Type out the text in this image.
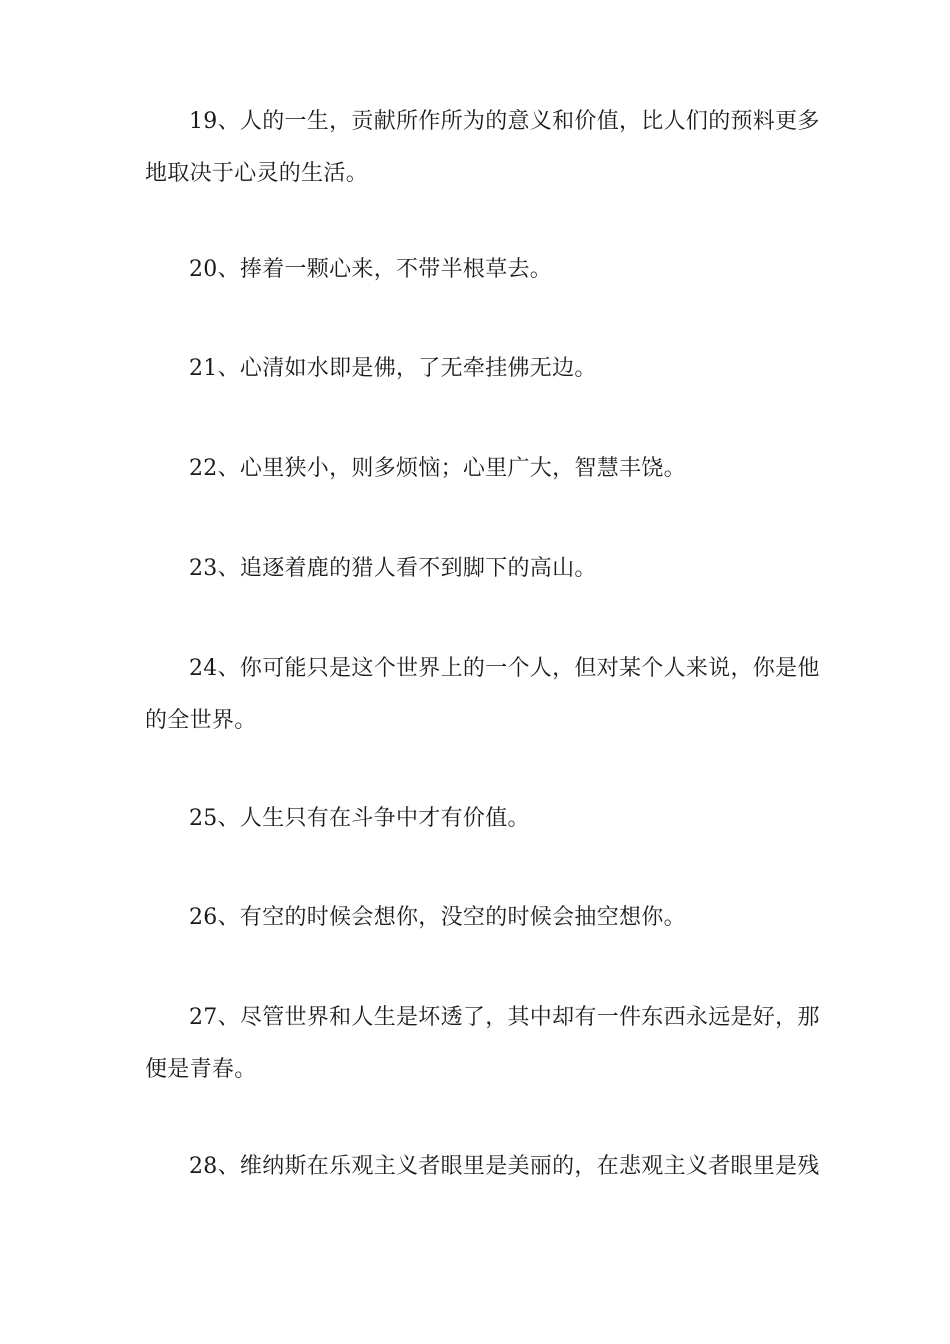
19、人的一生，贡献所作所为的意义和价值，比人们的预料更多地取决于心灵的生活。

20、捧着一颗心来，不带半根草去。

21、心清如水即是佛，了无牵挂佛无边。

22、心里狭小，则多烦恼；心里广大，智慧丰饶。

23、追逐着鹿的猎人看不到脚下的高山。

24、你可能只是这个世界上的一个人，但对某个人来说，你是他的全世界。

25、人生只有在斗争中才有价值。

26、有空的时候会想你，没空的时候会抽空想你。

27、尽管世界和人生是坏透了，其中却有一件东西永远是好，那便是青春。

28、维纳斯在乐观主义者眼里是美丽的，在悲观主义者眼里是残
